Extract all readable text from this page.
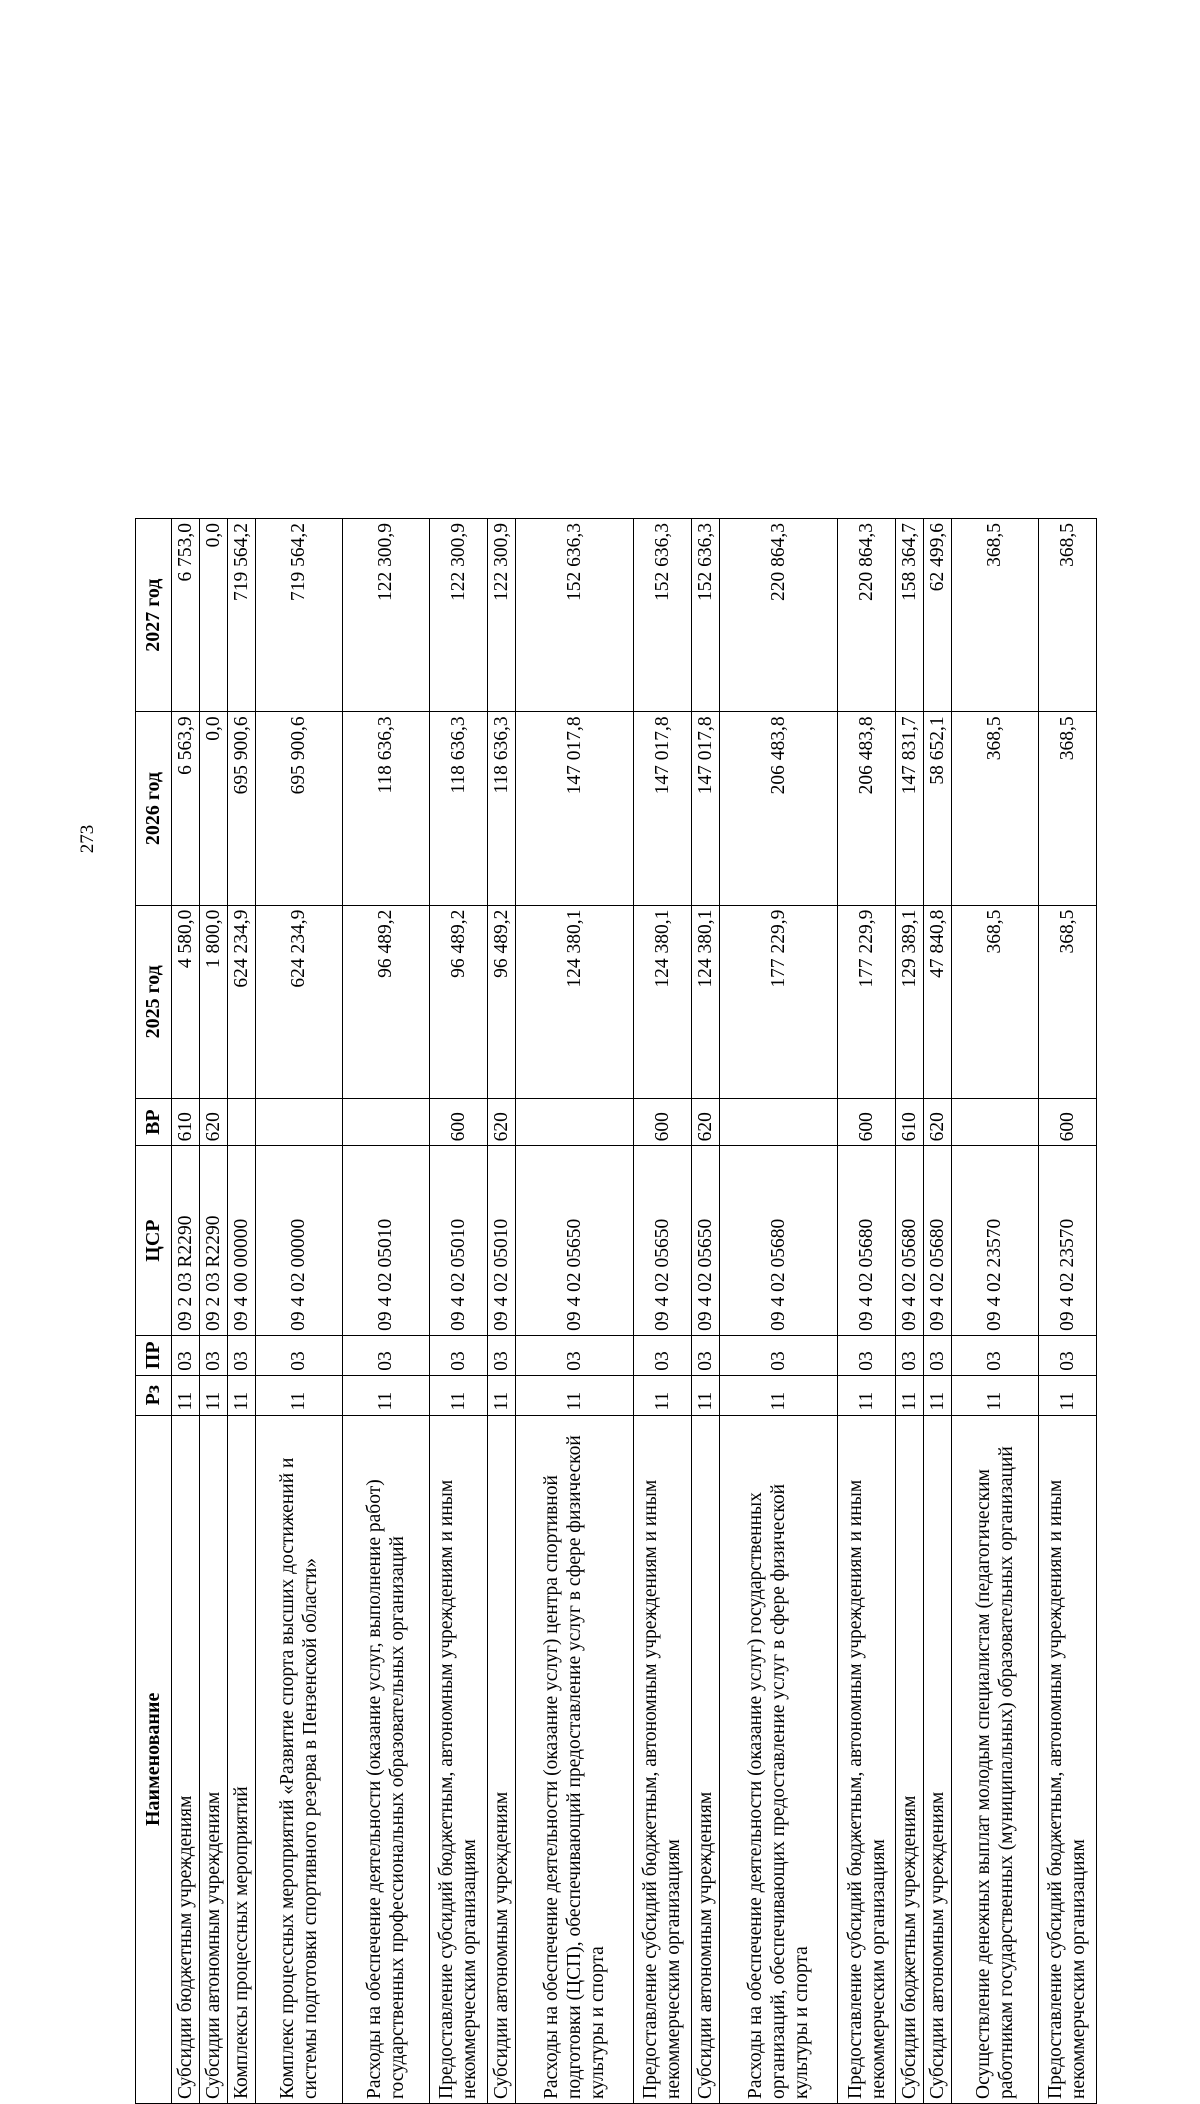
273
Наименование	Рз	ПР	ЦСР	ВР	2025 год	2026 год	2027 год
Субсидии бюджетным учреждениям	11	03	09 2 03 R2290	610	4 580,0	6 563,9	6 753,0
Субсидии автономным учреждениям	11	03	09 2 03 R2290	620	1 800,0	0,0	0,0
Комплексы процессных мероприятий	11	03	09 4 00 00000		624 234,9	695 900,6	719 564,2
Комплекс процессных мероприятий «Развитие спорта высших достижений и системы подготовки спортивного резерва в Пензенской области»	11	03	09 4 02 00000		624 234,9	695 900,6	719 564,2
Расходы на обеспечение деятельности (оказание услуг, выполнение работ) государственных профессиональных образовательных организаций	11	03	09 4 02 05010		96 489,2	118 636,3	122 300,9
Предоставление субсидий бюджетным, автономным учреждениям и иным некоммерческим организациям	11	03	09 4 02 05010	600	96 489,2	118 636,3	122 300,9
Субсидии автономным учреждениям	11	03	09 4 02 05010	620	96 489,2	118 636,3	122 300,9
Расходы на обеспечение деятельности (оказание услуг) центра спортивной подготовки (ЦСП), обеспечивающий предоставление услуг в сфере физической культуры и спорта	11	03	09 4 02 05650		124 380,1	147 017,8	152 636,3
Предоставление субсидий бюджетным, автономным учреждениям и иным некоммерческим организациям	11	03	09 4 02 05650	600	124 380,1	147 017,8	152 636,3
Субсидии автономным учреждениям	11	03	09 4 02 05650	620	124 380,1	147 017,8	152 636,3
Расходы на обеспечение деятельности (оказание услуг) государственных организаций, обеспечивающих предоставление услуг в сфере физической культуры и спорта	11	03	09 4 02 05680		177 229,9	206 483,8	220 864,3
Предоставление субсидий бюджетным, автономным учреждениям и иным некоммерческим организациям	11	03	09 4 02 05680	600	177 229,9	206 483,8	220 864,3
Субсидии бюджетным учреждениям	11	03	09 4 02 05680	610	129 389,1	147 831,7	158 364,7
Субсидии автономным учреждениям	11	03	09 4 02 05680	620	47 840,8	58 652,1	62 499,6
Осуществление денежных выплат молодым специалистам (педагогическим работникам государственных (муниципальных) образовательных организаций	11	03	09 4 02 23570		368,5	368,5	368,5
Предоставление субсидий бюджетным, автономным учреждениям и иным некоммерческим организациям	11	03	09 4 02 23570	600	368,5	368,5	368,5
